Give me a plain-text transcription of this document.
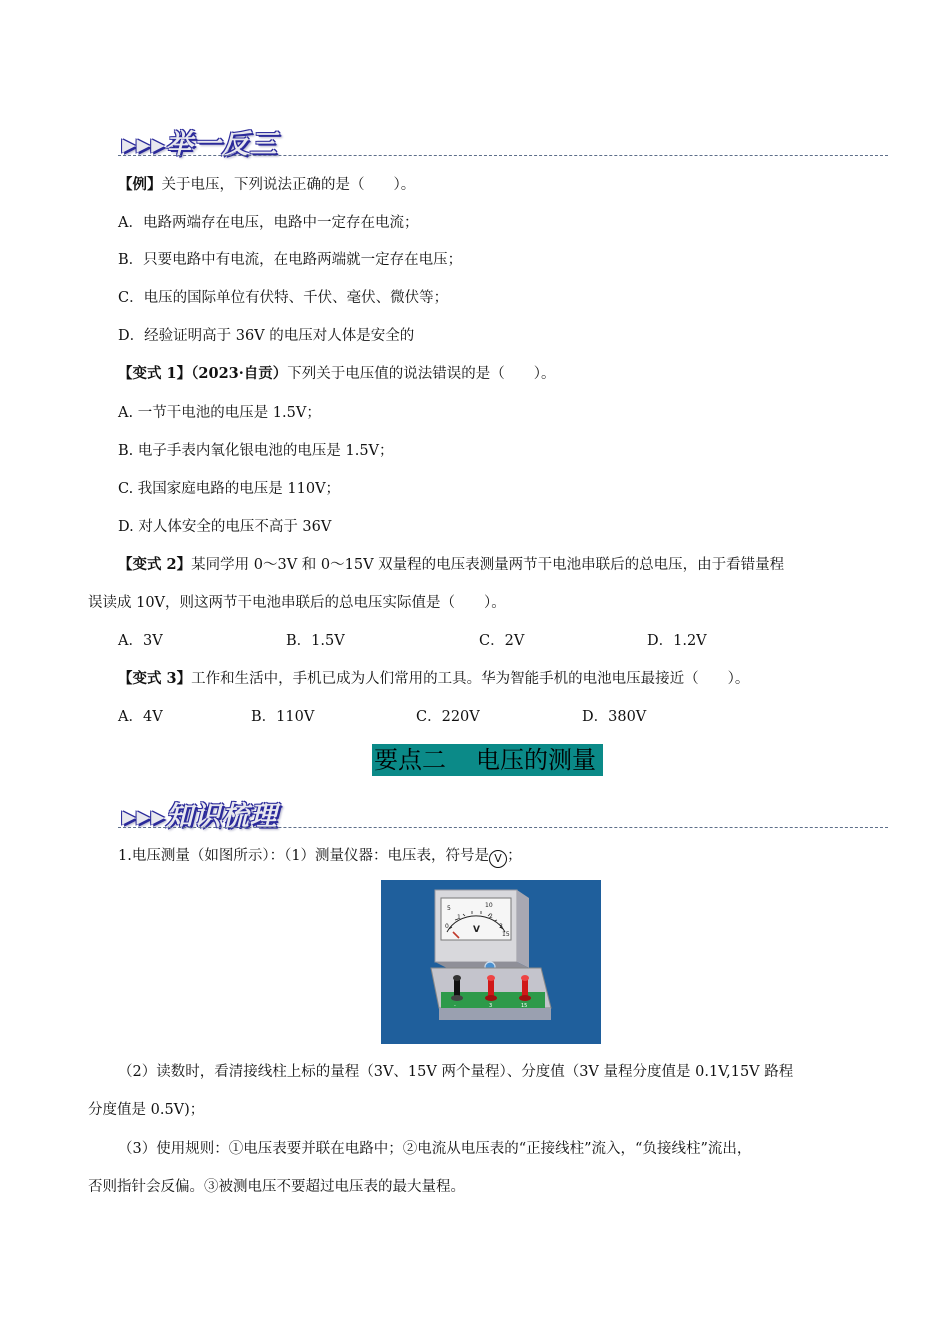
▸▸▸举一反三
【例】关于电压，下列说法正确的是（　　）。
A．电路两端存在电压，电路中一定存在电流；
B．只要电路中有电流，在电路两端就一定存在电压；
C．电压的国际单位有伏特、千伏、毫伏、微伏等；
D．经验证明高于 36V 的电压对人体是安全的
【变式 1】（2023·自贡）下列关于电压值的说法错误的是（　　）。
A. 一节干电池的电压是 1.5V；
B. 电子手表内氧化银电池的电压是 1.5V；
C. 我国家庭电路的电压是 110V；
D. 对人体安全的电压不高于 36V
【变式 2】某同学用 0～3V 和 0～15V 双量程的电压表测量两节干电池串联后的总电压，由于看错量程
误读成 10V，则这两节干电池串联后的总电压实际值是（　　）。
A．3V	B．1.5V	C．2V	D．1.2V
【变式 3】工作和生活中，手机已成为人们常用的工具。华为智能手机的电池电压最接近（　　）。
A．4V	B．110V	C．220V	D．380V
要点二 电压的测量
▸▸▸知识梳理
1.电压测量（如图所示）：（1）测量仪器：电压表，符号是 V ；
5	10
0
1	2
3
15
V
-	3	15
（2）读数时，看清接线柱上标的量程（3V、15V 两个量程）、分度值（3V 量程分度值是 0.1V,15V 路程
分度值是 0.5V)；
（3）使用规则：①电压表要并联在电路中；②电流从电压表的“正接线柱”流入，“负接线柱”流出，
否则指针会反偏。③被测电压不要超过电压表的最大量程。
